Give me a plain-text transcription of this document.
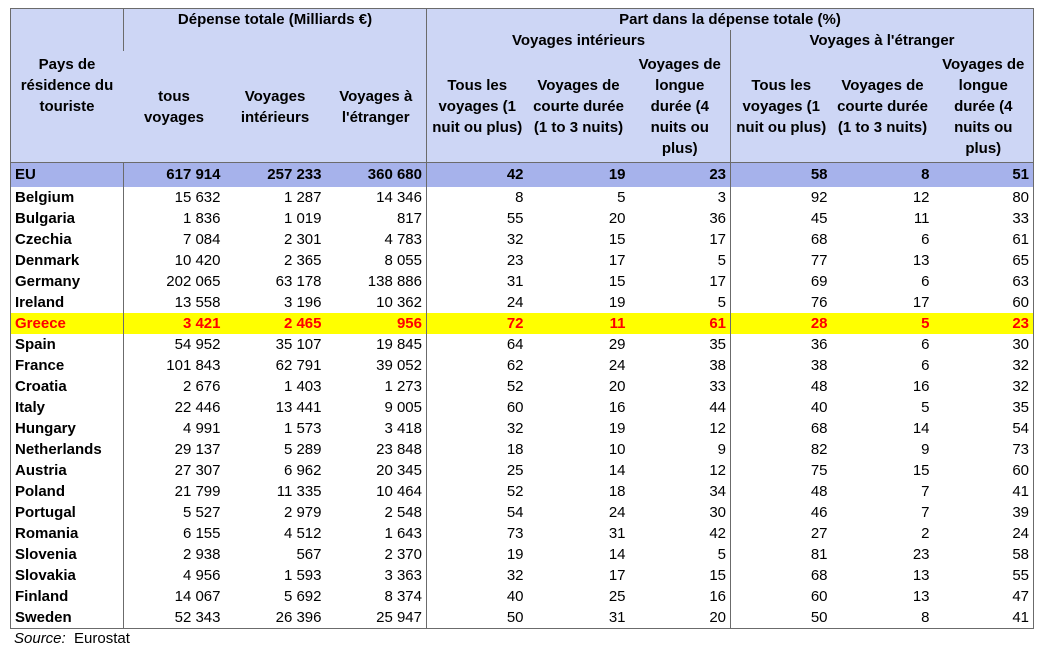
Pays de résidence du touriste	Dépense totale (Milliards €)			Part dans la dépense totale (%)					
				Voyages intérieurs			Voyages à l'étranger		
	tous voyages	Voyages intérieurs	Voyages à l'étranger	Tous les voyages (1 nuit ou plus)	Voyages de courte durée (1 to 3 nuits)	Voyages de longue durée (4 nuits ou plus)	Tous les voyages (1 nuit ou plus)	Voyages de courte durée (1 to 3 nuits)	Voyages de longue durée (4 nuits ou plus)
EU	617 914	257 233	360 680	42	19	23	58	8	51
Belgium	15 632	1 287	14 346	8	5	3	92	12	80
Bulgaria	1 836	1 019	817	55	20	36	45	11	33
Czechia	7 084	2 301	4 783	32	15	17	68	6	61
Denmark	10 420	2 365	8 055	23	17	5	77	13	65
Germany	202 065	63 178	138 886	31	15	17	69	6	63
Ireland	13 558	3 196	10 362	24	19	5	76	17	60
Greece	3 421	2 465	956	72	11	61	28	5	23
Spain	54 952	35 107	19 845	64	29	35	36	6	30
France	101 843	62 791	39 052	62	24	38	38	6	32
Croatia	2 676	1 403	1 273	52	20	33	48	16	32
Italy	22 446	13 441	9 005	60	16	44	40	5	35
Hungary	4 991	1 573	3 418	32	19	12	68	14	54
Netherlands	29 137	5 289	23 848	18	10	9	82	9	73
Austria	27 307	6 962	20 345	25	14	12	75	15	60
Poland	21 799	11 335	10 464	52	18	34	48	7	41
Portugal	5 527	2 979	2 548	54	24	30	46	7	39
Romania	6 155	4 512	1 643	73	31	42	27	2	24
Slovenia	2 938	567	2 370	19	14	5	81	23	58
Slovakia	4 956	1 593	3 363	32	17	15	68	13	55
Finland	14 067	5 692	8 374	40	25	16	60	13	47
Sweden	52 343	26 396	25 947	50	31	20	50	8	41
Source: Eurostat
